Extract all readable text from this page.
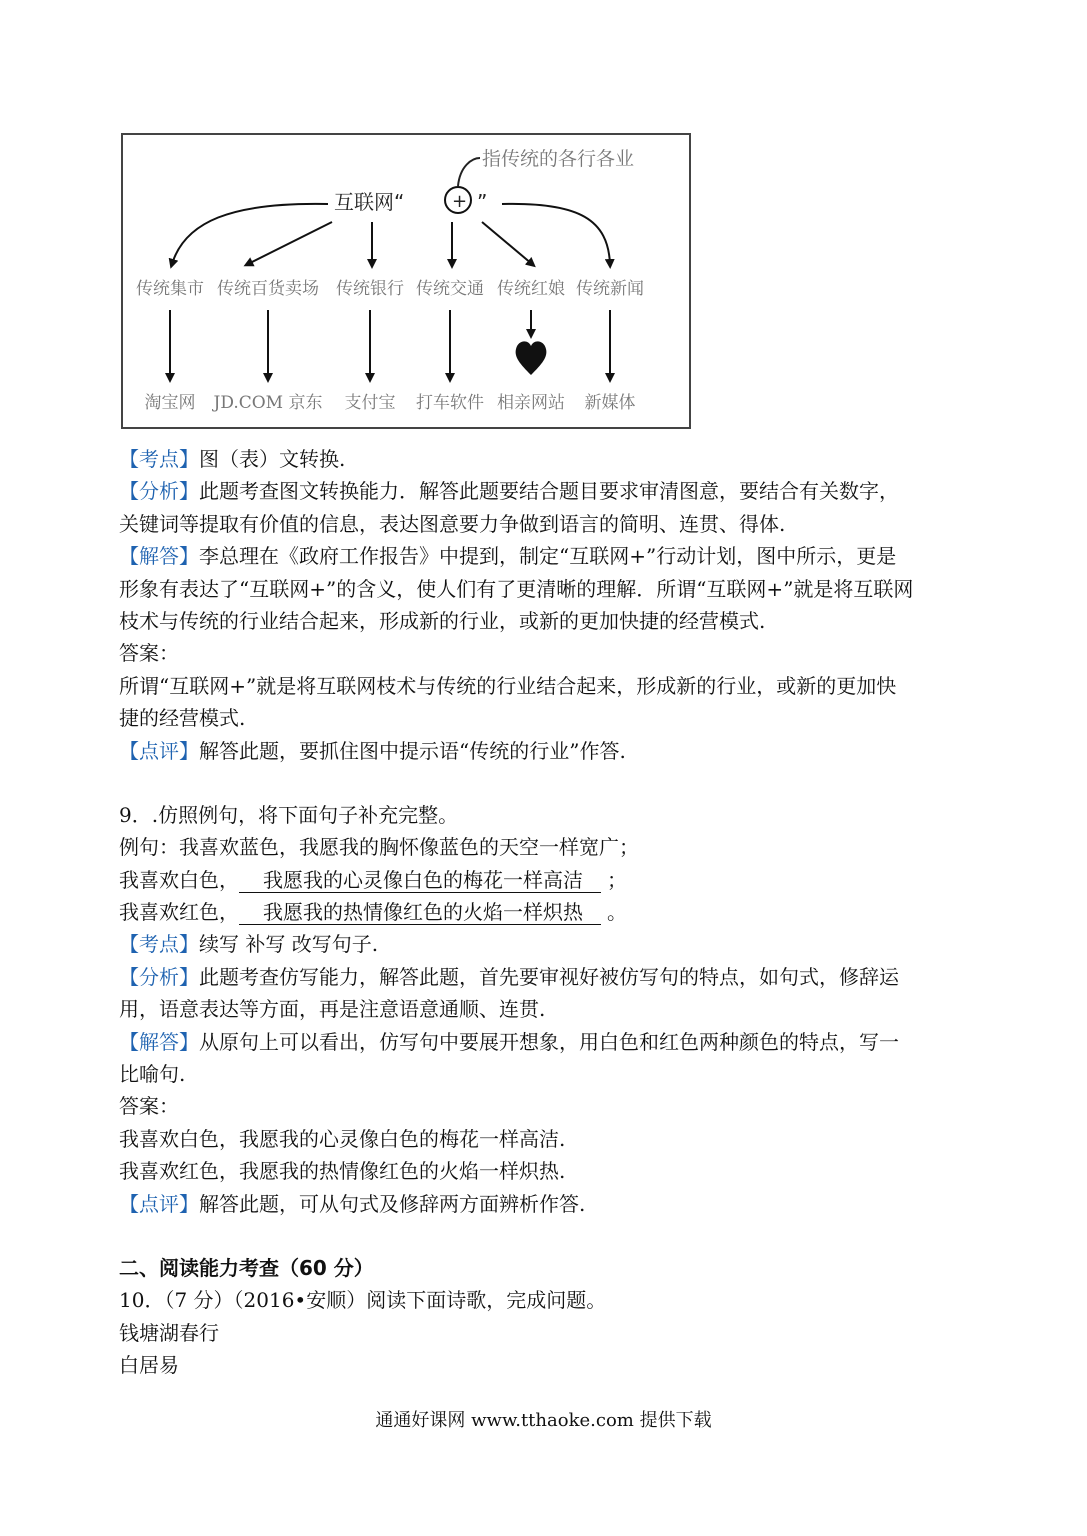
指传统的各行各业
互联网“	+ ”
传统集市 传统百货卖场 传统银行 传统交通 传统红娘 传统新闻
淘宝网 JD.COM 京东 支付宝 打车软件 相亲网站 新媒体
【考点】图（表）文转换.
【分析】此题考查图文转换能力．解答此题要结合题目要求审清图意，要结合有关数字，
关键词等提取有价值的信息，表达图意要力争做到语言的简明、连贯、得体.
【解答】李总理在《政府工作报告》中提到，制定“互联网+”行动计划，图中所示，更是
形象有表达了“互联网+”的含义，使人们有了更清晰的理解．所谓“互联网+”就是将互联网
枝术与传统的行业结合起来，形成新的行业，或新的更加快捷的经营模式.
答案：
所谓“互联网+”就是将互联网枝术与传统的行业结合起来，形成新的行业，或新的更加快
捷的经营模式.
【点评】解答此题，要抓住图中提示语“传统的行业”作答.
9．.仿照例句，将下面句子补充完整。
例句：我喜欢蓝色，我愿我的胸怀像蓝色的天空一样宽广；
我喜欢白色， 我愿我的心灵像白色的梅花一样高洁 ；
我喜欢红色， 我愿我的热情像红色的火焰一样炽热 。
【考点】续写 补写 改写句子.
【分析】此题考查仿写能力，解答此题，首先要审视好被仿写句的特点，如句式，修辞运
用，语意表达等方面，再是注意语意通顺、连贯.
【解答】从原句上可以看出，仿写句中要展开想象，用白色和红色两种颜色的特点，写一
比喻句.
答案：
我喜欢白色，我愿我的心灵像白色的梅花一样高洁.
我喜欢红色，我愿我的热情像红色的火焰一样炽热.
【点评】解答此题，可从句式及修辞两方面辨析作答.
二、阅读能力考查（60 分）
10．（7 分）（2016•安顺）阅读下面诗歌，完成问题。
钱塘湖春行
白居易
通通好课网 www.tthaoke.com 提供下载
